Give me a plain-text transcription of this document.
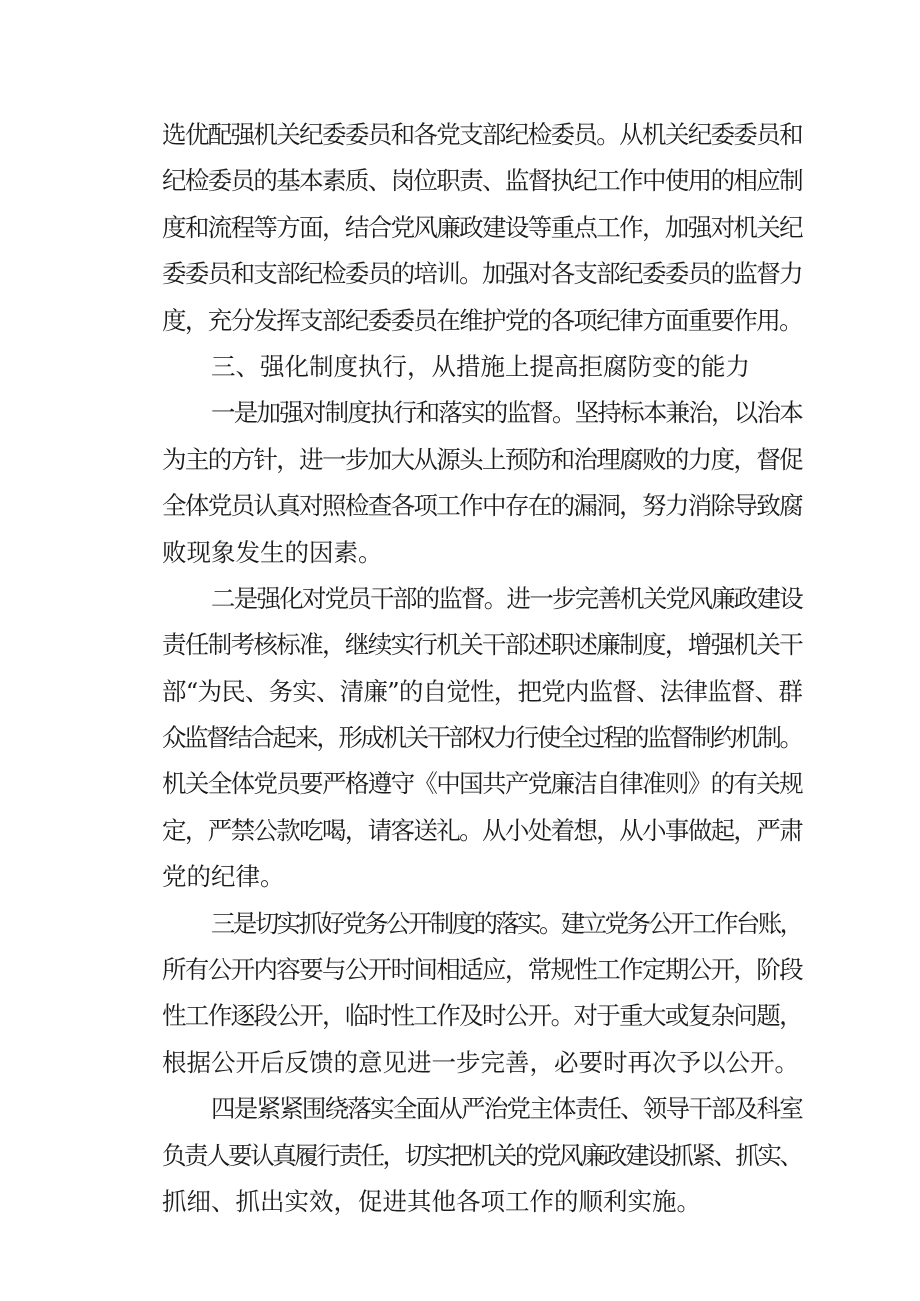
选优配强机关纪委委员和各党支部纪检委员。从机关纪委委员和
纪检委员的基本素质、岗位职责、监督执纪工作中使用的相应制
度和流程等方面，结合党风廉政建设等重点工作，加强对机关纪
委委员和支部纪检委员的培训。加强对各支部纪委委员的监督力
度，充分发挥支部纪委委员在维护党的各项纪律方面重要作用。
三、强化制度执行，从措施上提高拒腐防变的能力
一是加强对制度执行和落实的监督。坚持标本兼治，以治本
为主的方针，进一步加大从源头上预防和治理腐败的力度，督促
全体党员认真对照检查各项工作中存在的漏洞，努力消除导致腐
败现象发生的因素。
二是强化对党员干部的监督。进一步完善机关党风廉政建设
责任制考核标准，继续实行机关干部述职述廉制度，增强机关干
部“为民、务实、清廉”的自觉性，把党内监督、法律监督、群
众监督结合起来，形成机关干部权力行使全过程的监督制约机制。
机关全体党员要严格遵守《中国共产党廉洁自律准则》的有关规
定，严禁公款吃喝，请客送礼。从小处着想，从小事做起，严肃
党的纪律。
三是切实抓好党务公开制度的落实。建立党务公开工作台账，
所有公开内容要与公开时间相适应，常规性工作定期公开，阶段
性工作逐段公开，临时性工作及时公开。对于重大或复杂问题，
根据公开后反馈的意见进一步完善，必要时再次予以公开。
四是紧紧围绕落实全面从严治党主体责任、领导干部及科室
负责人要认真履行责任，切实把机关的党风廉政建设抓紧、抓实、
抓细、抓出实效，促进其他各项工作的顺利实施。
